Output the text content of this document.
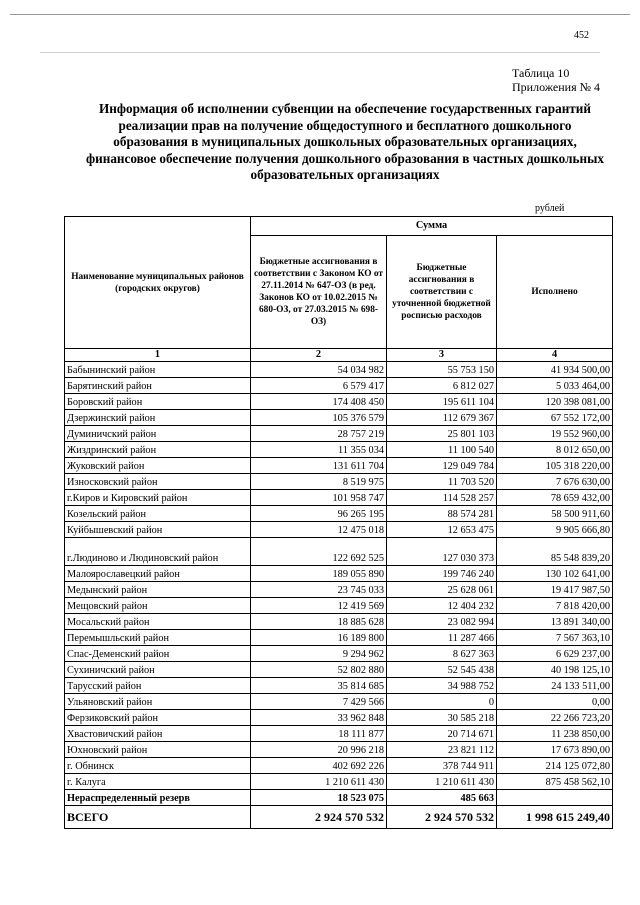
452
Таблица 10
Приложения № 4
Информация об исполнении субвенции на обеспечение государственных гарантий реализации прав на получение общедоступного и бесплатного дошкольного образования в муниципальных дошкольных образовательных организациях, финансовое обеспечение получения дошкольного образования в частных дошкольных образовательных организациях
рублей
Наименование муниципальных районов (городских округов)	Сумма		
	Бюджетные ассигнования в соответствии с Законом КО от 27.11.2014 № 647-ОЗ (в ред. Законов КО от 10.02.2015 № 680-ОЗ, от 27.03.2015 № 698-ОЗ)	Бюджетные ассигнования в соответствии с уточненной бюджетной росписью расходов	Исполнено
1	2	3	4
Бабынинский район	54 034 982	55 753 150	41 934 500,00
Барятинский район	6 579 417	6 812 027	5 033 464,00
Боровский район	174 408 450	195 611 104	120 398 081,00
Дзержинский район	105 376 579	112 679 367	67 552 172,00
Думиничский район	28 757 219	25 801 103	19 552 960,00
Жиздринский район	11 355 034	11 100 540	8 012 650,00
Жуковский район	131 611 704	129 049 784	105 318 220,00
Износковский район	8 519 975	11 703 520	7 676 630,00
г.Киров и Кировский район	101 958 747	114 528 257	78 659 432,00
Козельский район	96 265 195	88 574 281	58 500 911,60
Куйбышевский район	12 475 018	12 653 475	9 905 666,80
г.Людиново и Людиновский район	122 692 525	127 030 373	85 548 839,20
Малоярославецкий район	189 055 890	199 746 240	130 102 641,00
Медынский район	23 745 033	25 628 061	19 417 987,50
Мещовский район	12 419 569	12 404 232	7 818 420,00
Мосальский район	18 885 628	23 082 994	13 891 340,00
Перемышльский район	16 189 800	11 287 466	7 567 363,10
Спас-Деменский район	9 294 962	8 627 363	6 629 237,00
Сухиничский район	52 802 880	52 545 438	40 198 125,10
Тарусский район	35 814 685	34 988 752	24 133 511,00
Ульяновский район	7 429 566	0	0,00
Ферзиковский район	33 962 848	30 585 218	22 266 723,20
Хвастовичский район	18 111 877	20 714 671	11 238 850,00
Юхновский район	20 996 218	23 821 112	17 673 890,00
г. Обнинск	402 692 226	378 744 911	214 125 072,80
г. Калуга	1 210 611 430	1 210 611 430	875 458 562,10
Нераспределенный резерв	18 523 075	485 663	
ВСЕГО	2 924 570 532	2 924 570 532	1 998 615 249,40
